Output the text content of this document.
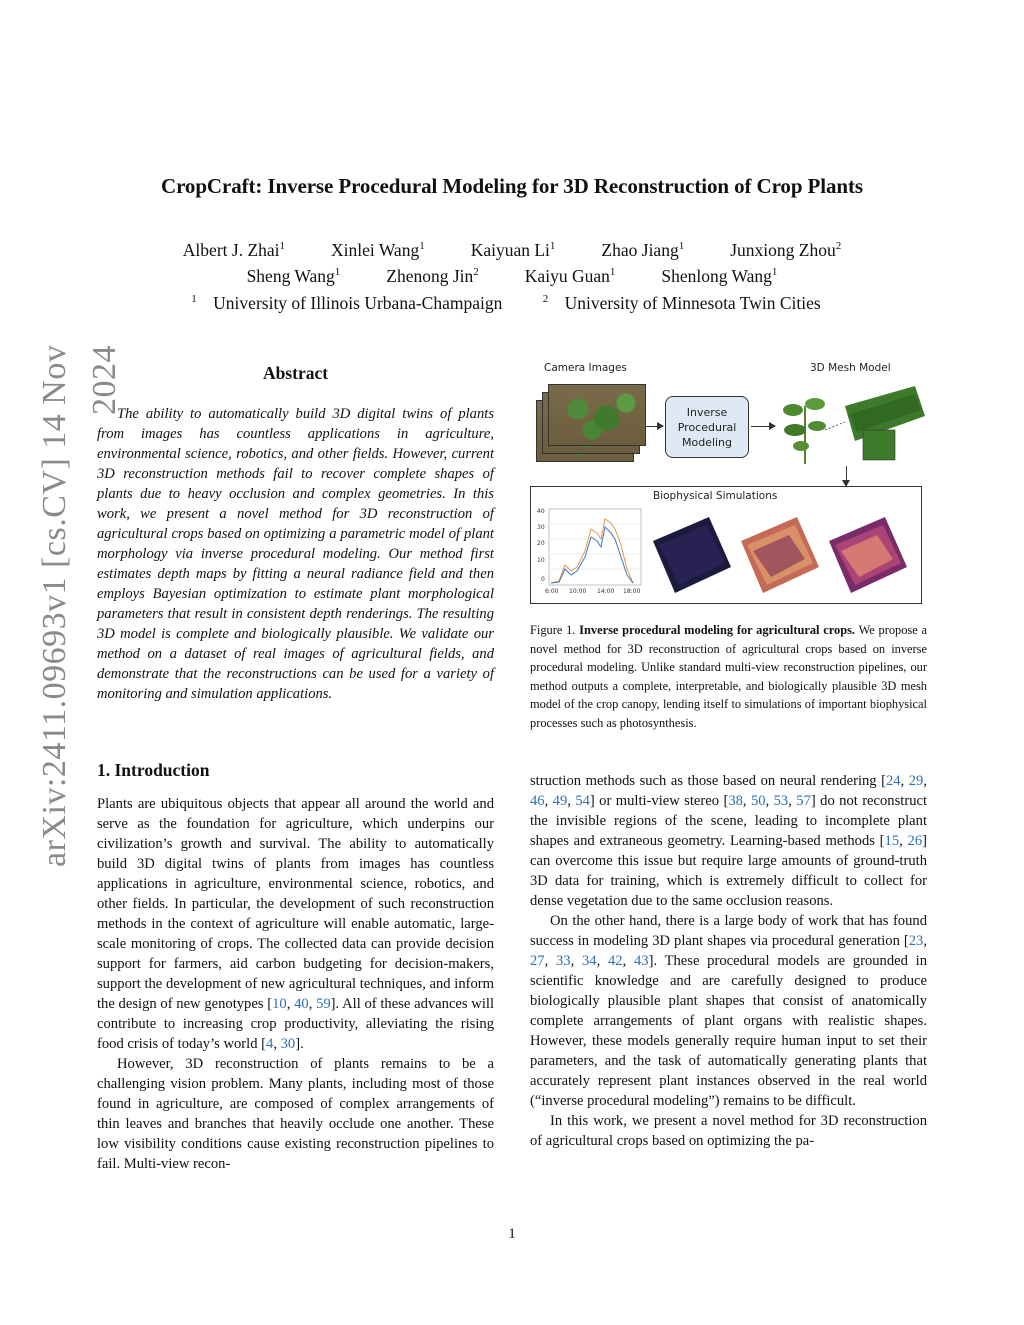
arXiv:2411.09693v1 [cs.CV] 14 Nov 2024
CropCraft: Inverse Procedural Modeling for 3D Reconstruction of Crop Plants
Albert J. Zhai$^1$	Xinlei Wang$^1$	Kaiyuan Li$^1$	Zhao Jiang$^1$	Junxiong Zhou$^2$
Sheng Wang$^1$	Zhenong Jin$^2$	Kaiyu Guan$^1$	Shenlong Wang$^1$
$^1$ University of Illinois Urbana-Champaign	$^2$ University of Minnesota Twin Cities
Abstract

The ability to automatically build 3D digital twins of plants from images has countless applications in agriculture, environmental science, robotics, and other fields. However, current 3D reconstruction methods fail to recover complete shapes of plants due to heavy occlusion and complex geometries. In this work, we present a novel method for 3D reconstruction of agricultural crops based on optimizing a parametric model of plant morphology via inverse procedural modeling. Our method first estimates depth maps by fitting a neural radiance field and then employs Bayesian optimization to estimate plant morphological parameters that result in consistent depth renderings. The resulting 3D model is complete and biologically plausible. We validate our method on a dataset of real images of agricultural fields, and demonstrate that the reconstructions can be used for a variety of monitoring and simulation applications.

1. Introduction

Plants are ubiquitous objects that appear all around the world and serve as the foundation for agriculture, which underpins our civilization’s growth and survival. The ability to automatically build 3D digital twins of plants from images has countless applications in agriculture, environmental science, robotics, and other fields. In particular, the development of such reconstruction methods in the context of agriculture will enable automatic, large-scale monitoring of crops. The collected data can provide decision support for farmers, aid carbon budgeting for decision-makers, support the development of new agricultural techniques, and inform the design of new genotypes [10, 40, 59]. All of these advances will contribute to increasing crop productivity, alleviating the rising food crisis of today’s world [4, 30].

However, 3D reconstruction of plants remains to be a challenging vision problem. Many plants, including most of those found in agriculture, are composed of complex arrangements of thin leaves and branches that heavily occlude one another. These low visibility conditions cause existing reconstruction pipelines to fail. Multi-view recon-

Camera Images	3D Mesh Model
Inverse
Procedural
Modeling
Biophysical Simulations
40
30
20
10
0
6:00 10:00 14:00 18:00
Figure 1. Inverse procedural modeling for agricultural crops. We propose a novel method for 3D reconstruction of agricultural crops based on inverse procedural modeling. Unlike standard multi-view reconstruction pipelines, our method outputs a complete, interpretable, and biologically plausible 3D mesh model of the crop canopy, lending itself to simulations of important biophysical processes such as photosynthesis.

struction methods such as those based on neural rendering [24, 29, 46, 49, 54] or multi-view stereo [38, 50, 53, 57] do not reconstruct the invisible regions of the scene, leading to incomplete plant shapes and extraneous geometry. Learning-based methods [15, 26] can overcome this issue but require large amounts of ground-truth 3D data for training, which is extremely difficult to collect for dense vegetation due to the same occlusion reasons.

On the other hand, there is a large body of work that has found success in modeling 3D plant shapes via procedural generation [23, 27, 33, 34, 42, 43]. These procedural models are grounded in scientific knowledge and are carefully designed to produce biologically plausible plant shapes that consist of anatomically complete arrangements of plant organs with realistic shapes. However, these models generally require human input to set their parameters, and the task of automatically generating plants that accurately represent plant instances observed in the real world (“inverse procedural modeling”) remains to be difficult.

In this work, we present a novel method for 3D reconstruction of agricultural crops based on optimizing the pa-

1
